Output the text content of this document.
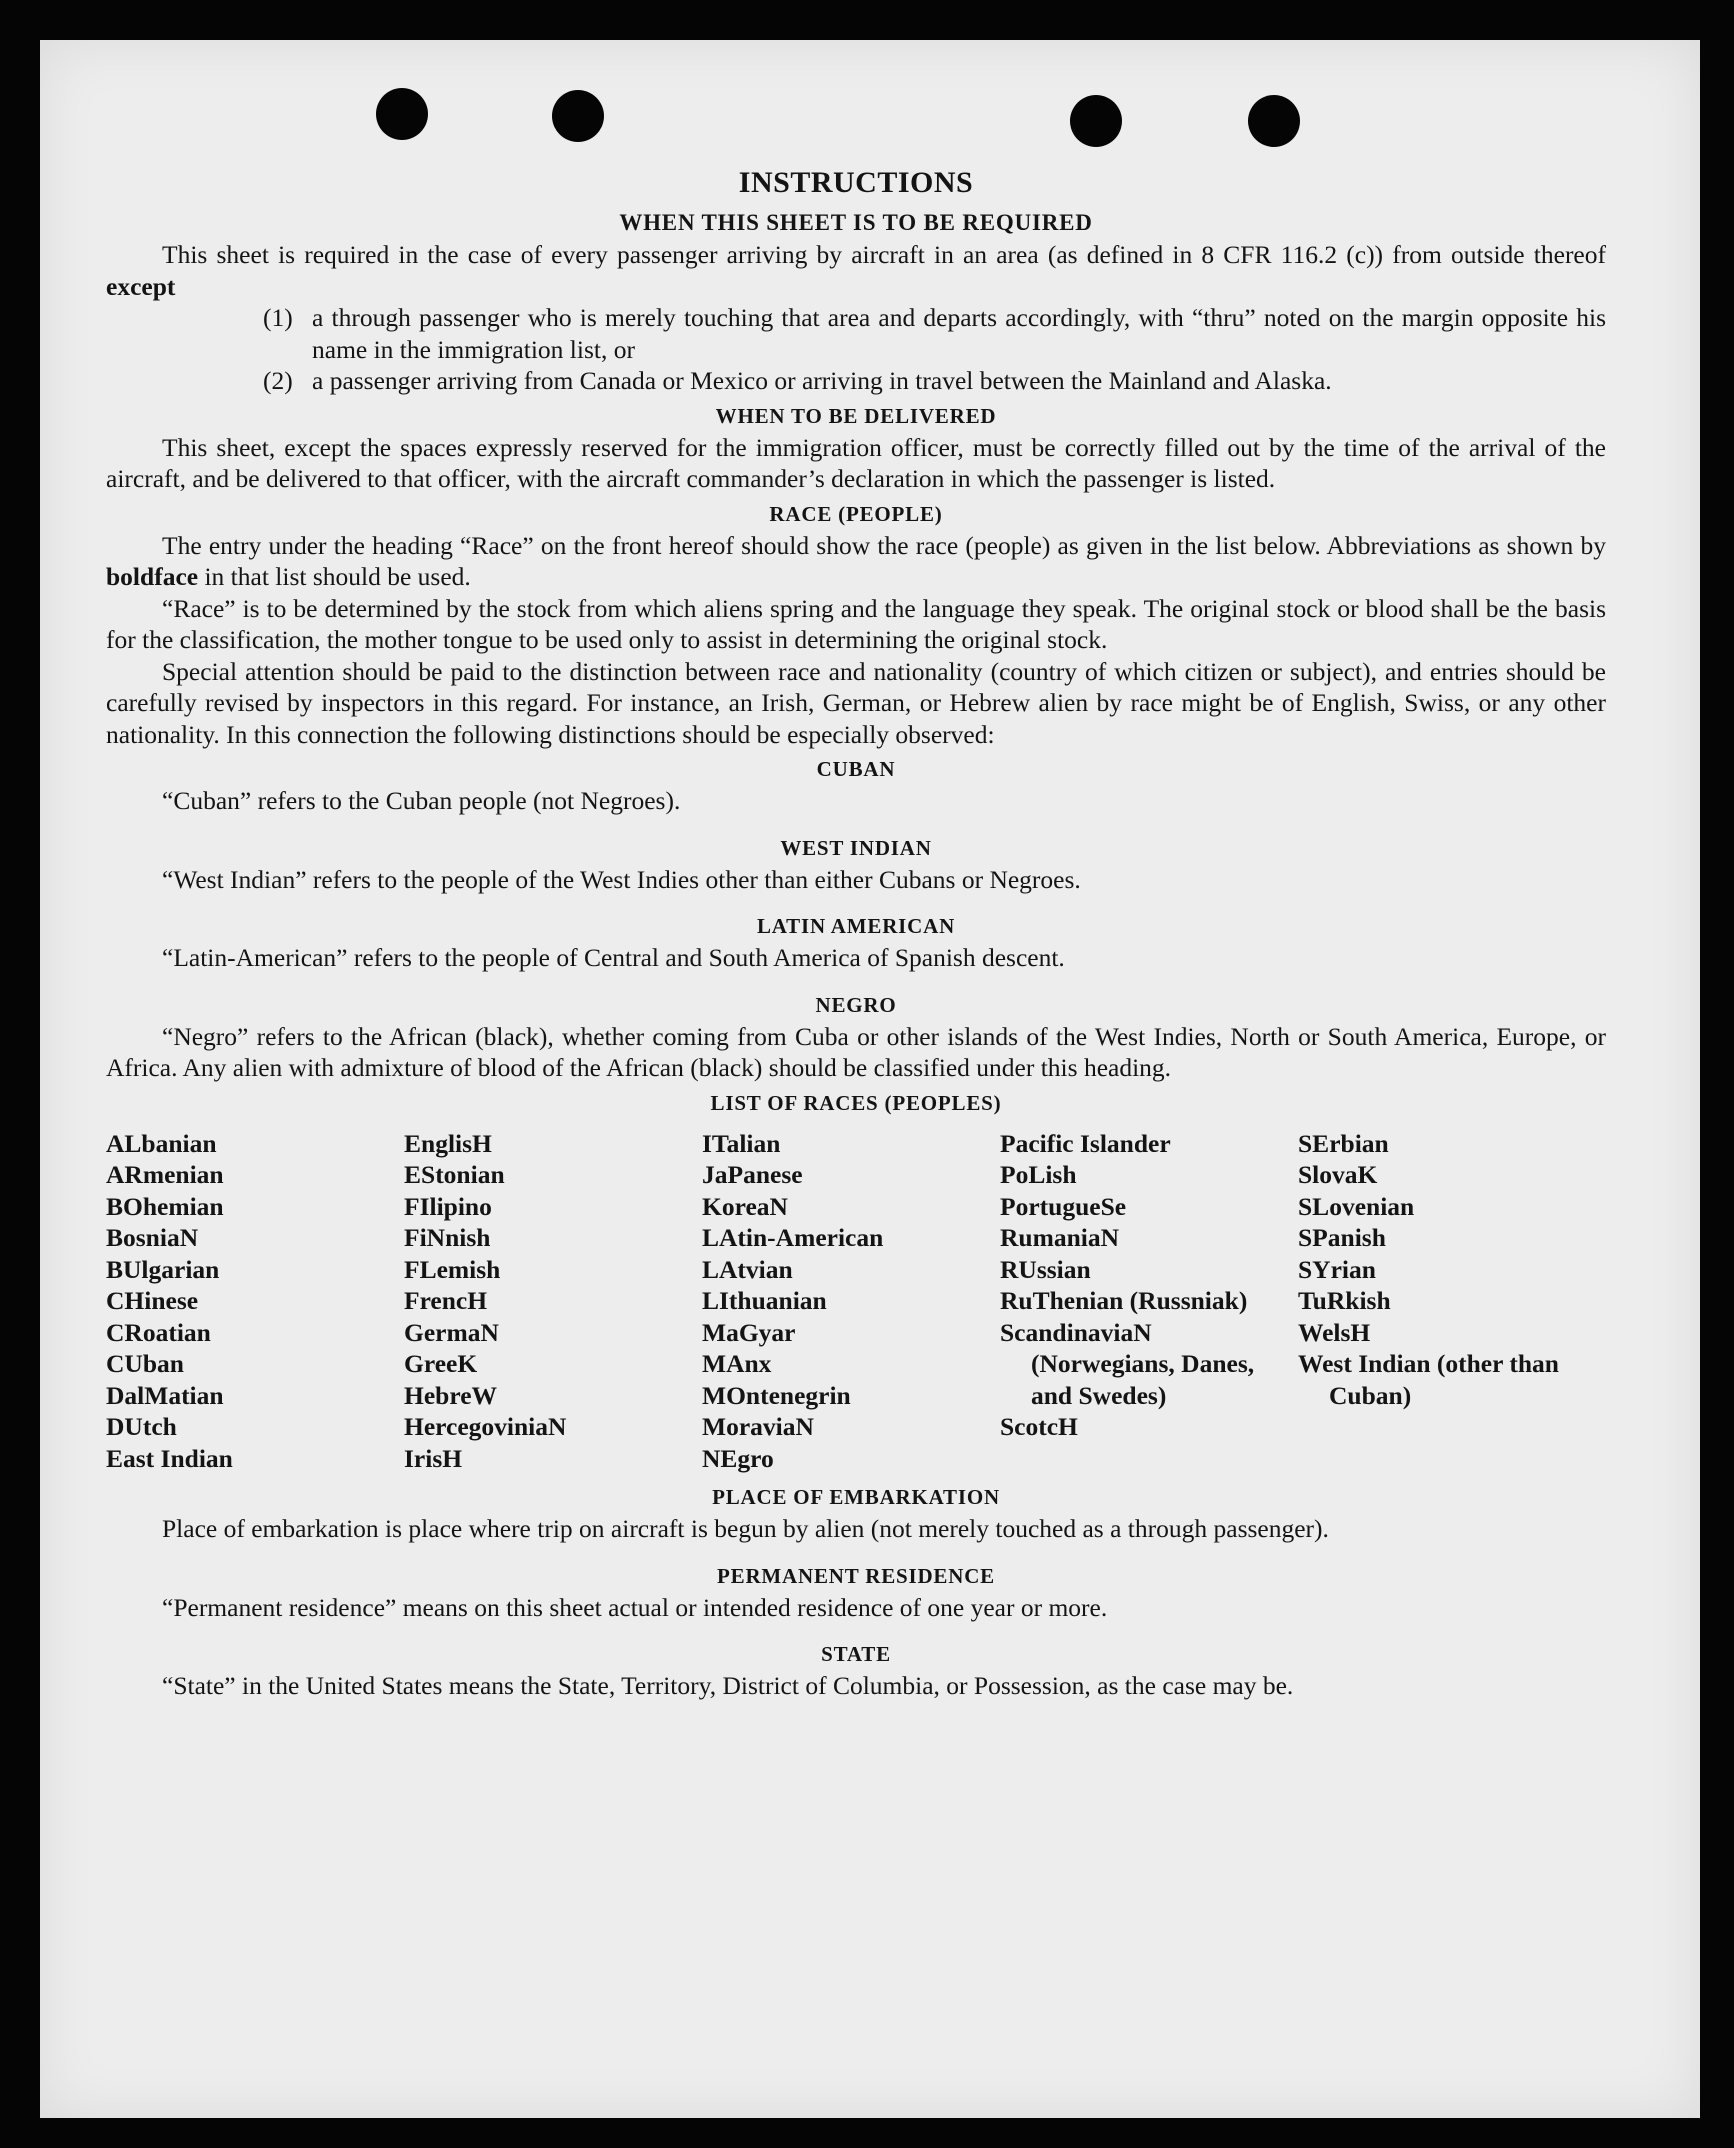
INSTRUCTIONS
WHEN THIS SHEET IS TO BE REQUIRED

This sheet is required in the case of every passenger arriving by aircraft in an area (as defined in 8 CFR 116.2 (c)) from outside thereof except

(1) a through passenger who is merely touching that area and departs accordingly, with “thru” noted on the margin opposite his name in the immigration list, or
(2) a passenger arriving from Canada or Mexico or arriving in travel between the Mainland and Alaska.
WHEN TO BE DELIVERED

This sheet, except the spaces expressly reserved for the immigration officer, must be correctly filled out by the time of the arrival of the aircraft, and be delivered to that officer, with the aircraft commander’s declaration in which the passenger is listed.

RACE (PEOPLE)

The entry under the heading “Race” on the front hereof should show the race (people) as given in the list below. Abbreviations as shown by boldface in that list should be used.

“Race” is to be determined by the stock from which aliens spring and the language they speak. The original stock or blood shall be the basis for the classification, the mother tongue to be used only to assist in determining the original stock.

Special attention should be paid to the distinction between race and nationality (country of which citizen or subject), and entries should be carefully revised by inspectors in this regard. For instance, an Irish, German, or Hebrew alien by race might be of English, Swiss, or any other nationality. In this connection the following distinctions should be especially observed:

CUBAN

“Cuban” refers to the Cuban people (not Negroes).

WEST INDIAN

“West Indian” refers to the people of the West Indies other than either Cubans or Negroes.

LATIN AMERICAN

“Latin-American” refers to the people of Central and South America of Spanish descent.

NEGRO

“Negro” refers to the African (black), whether coming from Cuba or other islands of the West Indies, North or South America, Europe, or Africa. Any alien with admixture of blood of the African (black) should be classified under this heading.

LIST OF RACES (PEOPLES)
ALbanian
ARmenian
BOhemian
BosniaN
BUlgarian
CHinese
CRoatian
CUban
DalMatian
DUtch
East Indian
EnglisH
EStonian
FIlipino
FiNnish
FLemish
FrencH
GermaN
GreeK
HebreW
HercegoviniaN
IrisH
ITalian
JaPanese
KoreaN
LAtin-American
LAtvian
LIthuanian
MaGyar
MAnx
MOntenegrin
MoraviaN
NEgro
Pacific Islander
PoLish
PortugueSe
RumaniaN
RUssian
RuThenian (Russniak)
ScandinaviaN (Norwegians, Danes, and Swedes)
ScotcH
SErbian
SlovaK
SLovenian
SPanish
SYrian
TuRkish
WelsH
West Indian (other than Cuban)
PLACE OF EMBARKATION

Place of embarkation is place where trip on aircraft is begun by alien (not merely touched as a through passenger).

PERMANENT RESIDENCE

“Permanent residence” means on this sheet actual or intended residence of one year or more.

STATE

“State” in the United States means the State, Territory, District of Columbia, or Possession, as the case may be.
